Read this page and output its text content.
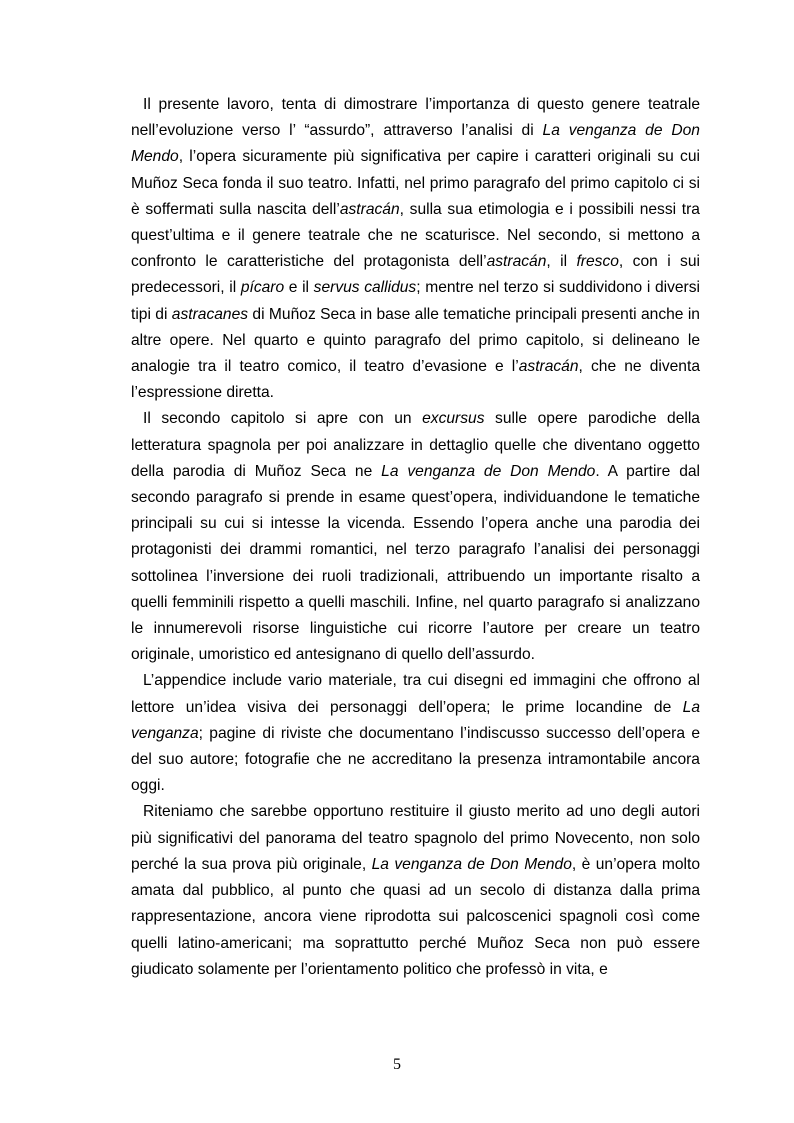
Il presente lavoro, tenta di dimostrare l’importanza di questo genere teatrale nell’evoluzione verso l’ “assurdo”, attraverso l’analisi di La venganza de Don Mendo, l’opera sicuramente più significativa per capire i caratteri originali su cui Muñoz Seca fonda il suo teatro. Infatti, nel primo paragrafo del primo capitolo ci si è soffermati sulla nascita dell’astracán, sulla sua etimologia e i possibili nessi tra quest’ultima e il genere teatrale che ne scaturisce. Nel secondo, si mettono a confronto le caratteristiche del protagonista dell’astracán, il fresco, con i sui predecessori, il pícaro e il servus callidus; mentre nel terzo si suddividono i diversi tipi di astracanes di Muñoz Seca in base alle tematiche principali presenti anche in altre opere. Nel quarto e quinto paragrafo del primo capitolo, si delineano le analogie tra il teatro comico, il teatro d’evasione e l’astracán, che ne diventa l’espressione diretta.

Il secondo capitolo si apre con un excursus sulle opere parodiche della letteratura spagnola per poi analizzare in dettaglio quelle che diventano oggetto della parodia di Muñoz Seca ne La venganza de Don Mendo. A partire dal secondo paragrafo si prende in esame quest’opera, individuandone le tematiche principali su cui si intesse la vicenda. Essendo l’opera anche una parodia dei protagonisti dei drammi romantici, nel terzo paragrafo l’analisi dei personaggi sottolinea l’inversione dei ruoli tradizionali, attribuendo un importante risalto a quelli femminili rispetto a quelli maschili. Infine, nel quarto paragrafo si analizzano le innumerevoli risorse linguistiche cui ricorre l’autore per creare un teatro originale, umoristico ed antesignano di quello dell’assurdo.

L’appendice include vario materiale, tra cui disegni ed immagini che offrono al lettore un’idea visiva dei personaggi dell’opera; le prime locandine de La venganza; pagine di riviste che documentano l’indiscusso successo dell’opera e del suo autore; fotografie che ne accreditano la presenza intramontabile ancora oggi.

Riteniamo che sarebbe opportuno restituire il giusto merito ad uno degli autori più significativi del panorama del teatro spagnolo del primo Novecento, non solo perché la sua prova più originale, La venganza de Don Mendo, è un’opera molto amata dal pubblico, al punto che quasi ad un secolo di distanza dalla prima rappresentazione, ancora viene riprodotta sui palcoscenici spagnoli così come quelli latino-americani; ma soprattutto perché Muñoz Seca non può essere giudicato solamente per l’orientamento politico che professò in vita, e

5
